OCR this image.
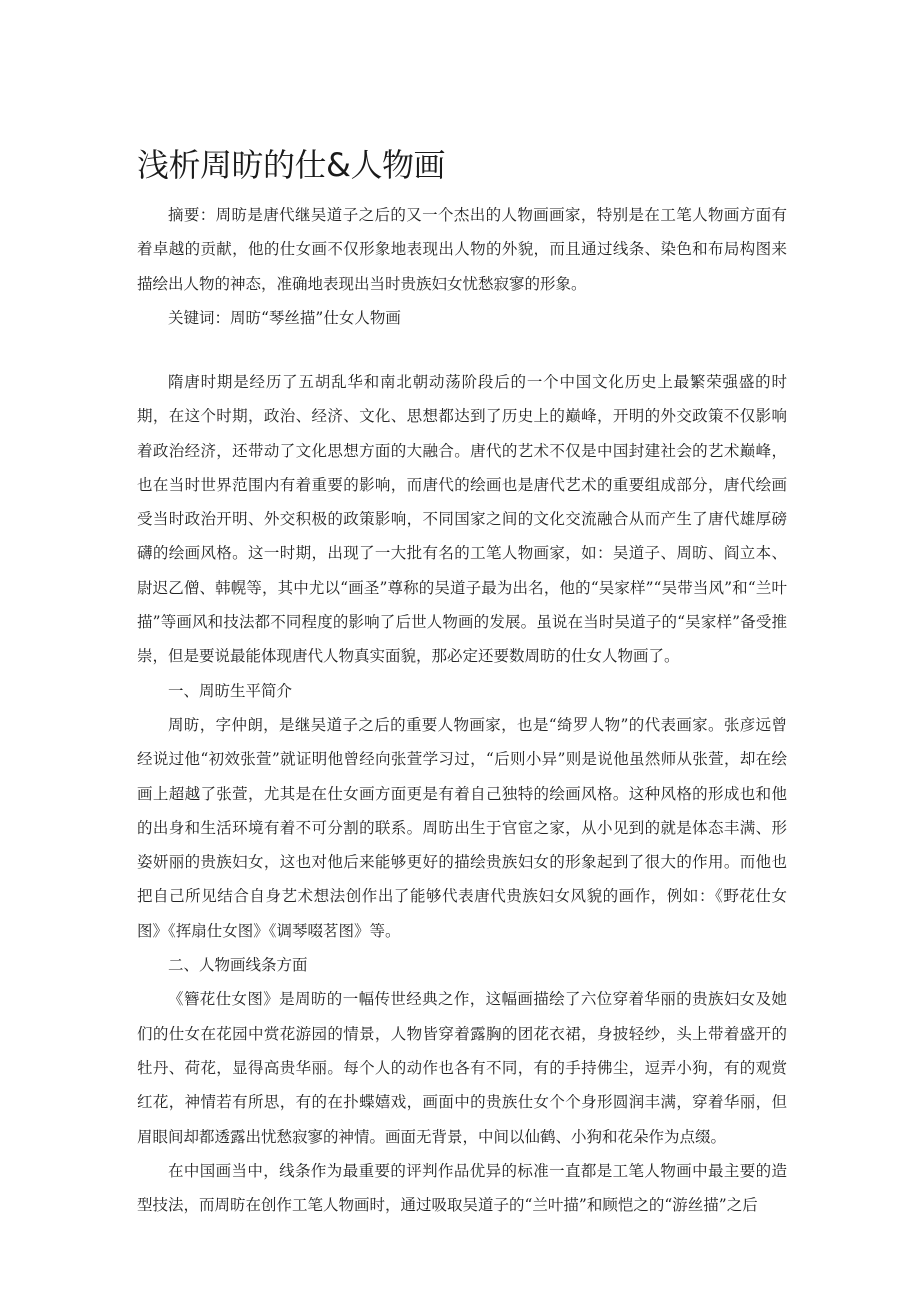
浅析周昉的仕&人物画

摘要：周昉是唐代继吴道子之后的又一个杰出的人物画画家，特别是在工笔人物画方面有着卓越的贡献，他的仕女画不仅形象地表现出人物的外貌，而且通过线条、染色和布局构图来描绘出人物的神态，准确地表现出当时贵族妇女忧愁寂寥的形象。

关键词：周昉“琴丝描”仕女人物画

隋唐时期是经历了五胡乱华和南北朝动荡阶段后的一个中国文化历史上最繁荣强盛的时期，在这个时期，政治、经济、文化、思想都达到了历史上的巅峰，开明的外交政策不仅影响着政治经济，还带动了文化思想方面的大融合。唐代的艺术不仅是中国封建社会的艺术巅峰，也在当时世界范围内有着重要的影响，而唐代的绘画也是唐代艺术的重要组成部分，唐代绘画受当时政治开明、外交积极的政策影响，不同国家之间的文化交流融合从而产生了唐代雄厚磅礴的绘画风格。这一时期，出现了一大批有名的工笔人物画家，如：吴道子、周昉、阎立本、尉迟乙僧、韩幌等，其中尤以“画圣”尊称的吴道子最为出名，他的“吴家样”“吴带当风”和“兰叶描”等画风和技法都不同程度的影响了后世人物画的发展。虽说在当时吴道子的“吴家样”备受推崇，但是要说最能体现唐代人物真实面貌，那必定还要数周昉的仕女人物画了。

一、周昉生平简介

周昉，字仲朗，是继吴道子之后的重要人物画家，也是“绮罗人物”的代表画家。张彦远曾经说过他“初效张萱”就证明他曾经向张萱学习过，“后则小异”则是说他虽然师从张萱，却在绘画上超越了张萱，尤其是在仕女画方面更是有着自己独特的绘画风格。这种风格的形成也和他的出身和生活环境有着不可分割的联系。周昉出生于官宦之家，从小见到的就是体态丰满、形姿妍丽的贵族妇女，这也对他后来能够更好的描绘贵族妇女的形象起到了很大的作用。而他也把自己所见结合自身艺术想法创作出了能够代表唐代贵族妇女风貌的画作，例如：《野花仕女图》《挥扇仕女图》《调琴啜茗图》等。

二、人物画线条方面

《簪花仕女图》是周昉的一幅传世经典之作，这幅画描绘了六位穿着华丽的贵族妇女及她们的仕女在花园中赏花游园的情景，人物皆穿着露胸的团花衣裙，身披轻纱，头上带着盛开的牡丹、荷花，显得高贵华丽。每个人的动作也各有不同，有的手持佛尘，逗弄小狗，有的观赏红花，神情若有所思，有的在扑蝶嬉戏，画面中的贵族仕女个个身形圆润丰满，穿着华丽，但眉眼间却都透露出忧愁寂寥的神情。画面无背景，中间以仙鹤、小狗和花朵作为点缀。

在中国画当中，线条作为最重要的评判作品优异的标准一直都是工笔人物画中最主要的造型技法，而周昉在创作工笔人物画时，通过吸取吴道子的“兰叶描”和顾恺之的“游丝描”之后
